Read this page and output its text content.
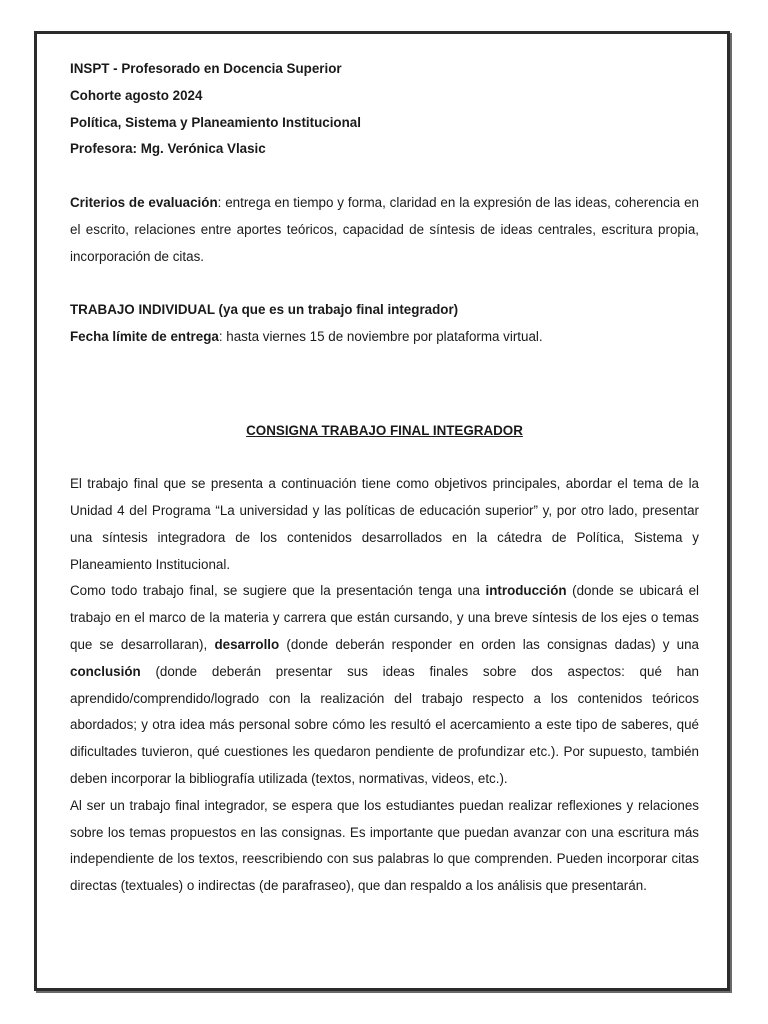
INSPT - Profesorado en Docencia Superior
Cohorte agosto 2024
Política, Sistema y Planeamiento Institucional
Profesora: Mg. Verónica Vlasic

Criterios de evaluación: entrega en tiempo y forma, claridad en la expresión de las ideas, coherencia en el escrito, relaciones entre aportes teóricos, capacidad de síntesis de ideas centrales, escritura propia, incorporación de citas.

TRABAJO INDIVIDUAL (ya que es un trabajo final integrador)
Fecha límite de entrega: hasta viernes 15 de noviembre por plataforma virtual.
CONSIGNA TRABAJO FINAL INTEGRADOR

El trabajo final que se presenta a continuación tiene como objetivos principales, abordar el tema de la Unidad 4 del Programa “La universidad y las políticas de educación superior” y, por otro lado, presentar una síntesis integradora de los contenidos desarrollados en la cátedra de Política, Sistema y Planeamiento Institucional.

Como todo trabajo final, se sugiere que la presentación tenga una introducción (donde se ubicará el trabajo en el marco de la materia y carrera que están cursando, y una breve síntesis de los ejes o temas que se desarrollaran), desarrollo (donde deberán responder en orden las consignas dadas) y una conclusión (donde deberán presentar sus ideas finales sobre dos aspectos: qué han aprendido/comprendido/logrado con la realización del trabajo respecto a los contenidos teóricos abordados; y otra idea más personal sobre cómo les resultó el acercamiento a este tipo de saberes, qué dificultades tuvieron, qué cuestiones les quedaron pendiente de profundizar etc.). Por supuesto, también deben incorporar la bibliografía utilizada (textos, normativas, videos, etc.).

Al ser un trabajo final integrador, se espera que los estudiantes puedan realizar reflexiones y relaciones sobre los temas propuestos en las consignas. Es importante que puedan avanzar con una escritura más independiente de los textos, reescribiendo con sus palabras lo que comprenden. Pueden incorporar citas directas (textuales) o indirectas (de parafraseo), que dan respaldo a los análisis que presentarán.
